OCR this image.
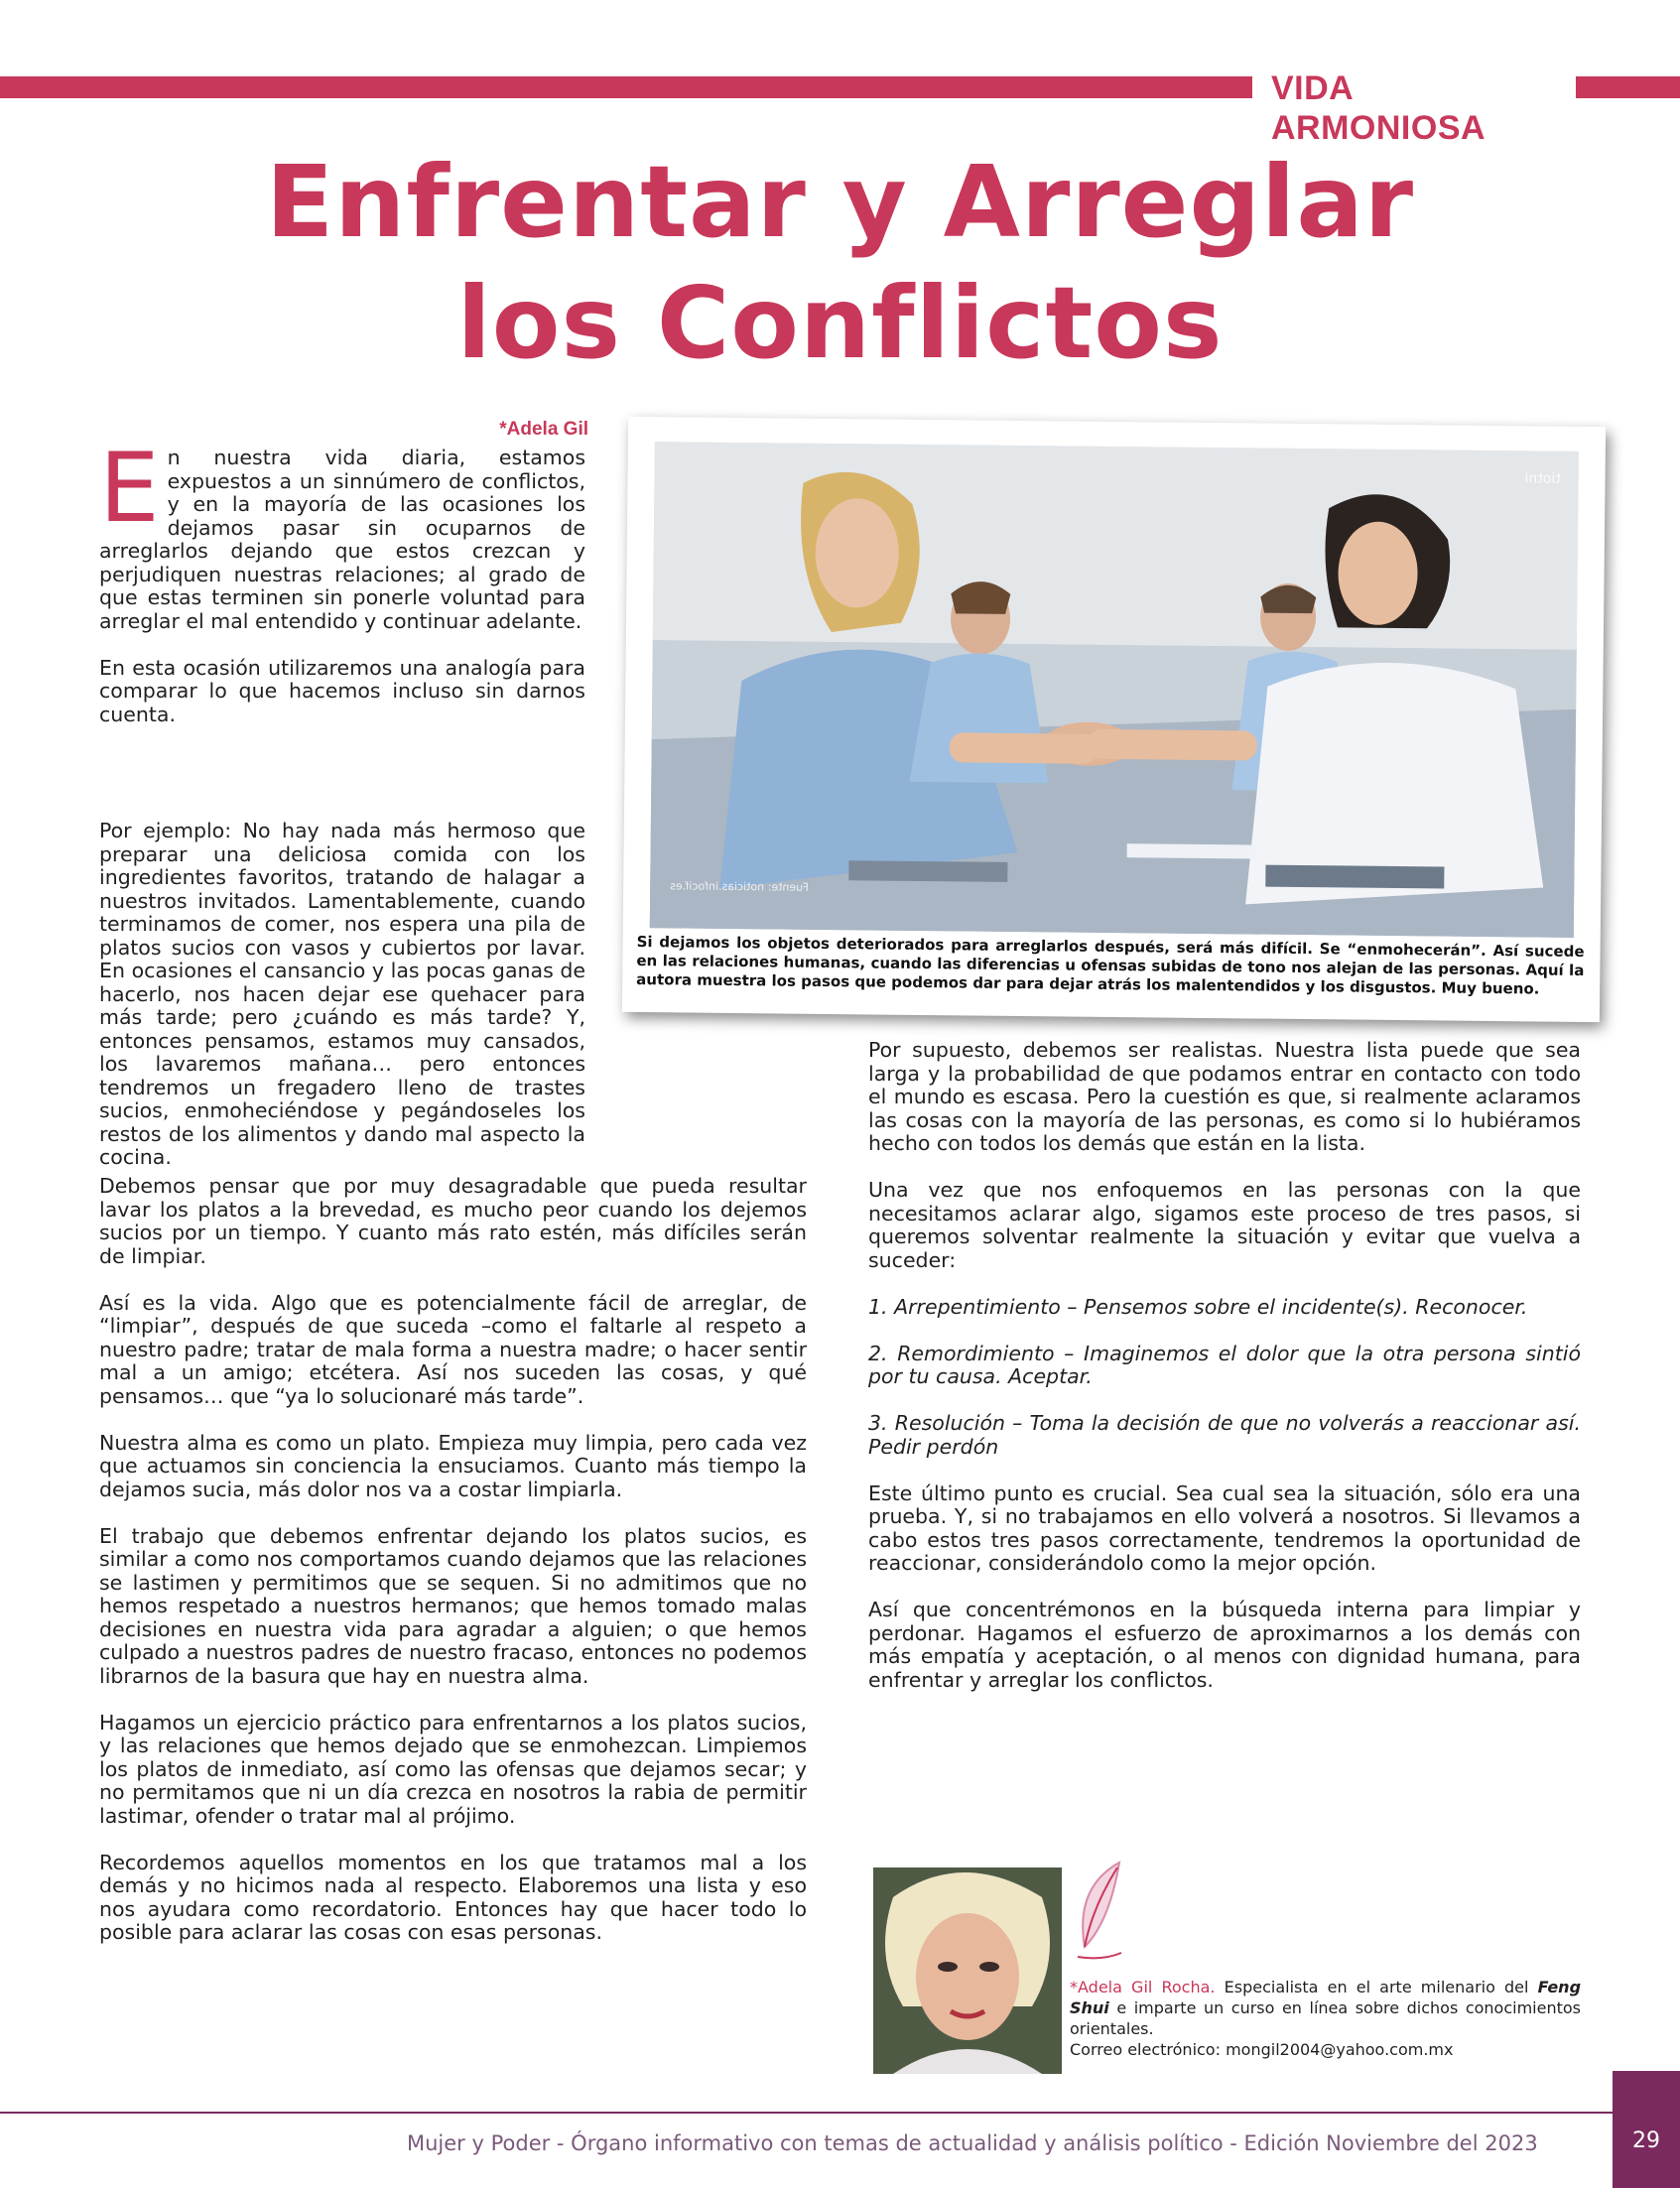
VIDA ARMONIOSA
Enfrentar y Arreglar
los Conflictos
*Adela Gil

En nuestra vida diaria, estamos expuestos a un sinnúmero de conflictos, y en la mayoría de las ocasiones los dejamos pasar sin ocuparnos de arreglarlos dejando que estos crezcan y perjudiquen nuestras relaciones; al grado de que estas terminen sin ponerle voluntad para arreglar el mal entendido y continuar adelante.

En esta ocasión utilizaremos una analogía para comparar lo que hacemos incluso sin darnos cuenta.

Por ejemplo: No hay nada más hermoso que preparar una deliciosa comida con los ingredientes favoritos, tratando de halagar a nuestros invitados. Lamentablemente, cuando terminamos de comer, nos espera una pila de platos sucios con vasos y cubiertos por lavar. En ocasiones el cansancio y las pocas ganas de hacerlo, nos hacen dejar ese quehacer para más tarde; pero ¿cuándo es más tarde? Y, entonces pensamos, estamos muy cansados, los lavaremos mañana… pero entonces tendremos un fregadero lleno de trastes sucios, enmoheciéndose y pegándoseles los restos de los alimentos y dando mal aspecto la cocina.

Debemos pensar que por muy desagradable que pueda resultar lavar los platos a la brevedad, es mucho peor cuando los dejemos sucios por un tiempo. Y cuanto más rato estén, más difíciles serán de limpiar.

Así es la vida. Algo que es potencialmente fácil de arreglar, de “limpiar”, después de que suceda –como el faltarle al respeto a nuestro padre; tratar de mala forma a nuestra madre; o hacer sentir mal a un amigo; etcétera. Así nos suceden las cosas, y qué pensamos… que “ya lo solucionaré más tarde”.

Nuestra alma es como un plato. Empieza muy limpia, pero cada vez que actuamos sin conciencia la ensuciamos. Cuanto más tiempo la dejamos sucia, más dolor nos va a costar limpiarla.

El trabajo que debemos enfrentar dejando los platos sucios, es similar a como nos comportamos cuando dejamos que las relaciones se lastimen y permitimos que se sequen. Si no admitimos que no hemos respetado a nuestros hermanos; que hemos tomado malas decisiones en nuestra vida para agradar a alguien; o que hemos culpado a nuestros padres de nuestro fracaso, entonces no podemos librarnos de la basura que hay en nuestra alma.

Hagamos un ejercicio práctico para enfrentarnos a los platos sucios, y las relaciones que hemos dejado que se enmohezcan. Limpiemos los platos de inmediato, así como las ofensas que dejamos secar; y no permitamos que ni un día crezca en nosotros la rabia de permitir lastimar, ofender o tratar mal al prójimo.

Recordemos aquellos momentos en los que tratamos mal a los demás y no hicimos nada al respecto. Elaboremos una lista y eso nos ayudara como recordatorio. Entonces hay que hacer todo lo posible para aclarar las cosas con esas personas.

tiotni
Fuente: noticias.infocif.es
Si dejamos los objetos deteriorados para arreglarlos después, será más difícil. Se “enmohecerán”. Así sucede en las relaciones humanas, cuando las diferencias u ofensas subidas de tono nos alejan de las personas. Aquí la autora muestra los pasos que podemos dar para dejar atrás los malentendidos y los disgustos. Muy bueno.

Por supuesto, debemos ser realistas. Nuestra lista puede que sea larga y la probabilidad de que podamos entrar en contacto con todo el mundo es escasa. Pero la cuestión es que, si realmente aclaramos las cosas con la mayoría de las personas, es como si lo hubiéramos hecho con todos los demás que están en la lista.

Una vez que nos enfoquemos en las personas con la que necesitamos aclarar algo, sigamos este proceso de tres pasos, si queremos solventar realmente la situación y evitar que vuelva a suceder:

1. Arrepentimiento – Pensemos sobre el incidente(s). Reconocer.

2. Remordimiento – Imaginemos el dolor que la otra persona sintió por tu causa. Aceptar.

3. Resolución – Toma la decisión de que no volverás a reaccionar así. Pedir perdón

Este último punto es crucial. Sea cual sea la situación, sólo era una prueba. Y, si no trabajamos en ello volverá a nosotros. Si llevamos a cabo estos tres pasos correctamente, tendremos la oportunidad de reaccionar, considerándolo como la mejor opción.

Así que concentrémonos en la búsqueda interna para limpiar y perdonar. Hagamos el esfuerzo de aproximarnos a los demás con más empatía y aceptación, o al menos con dignidad humana, para enfrentar y arreglar los conflictos.

*Adela Gil Rocha. Especialista en el arte milenario del Feng Shui e imparte un curso en línea sobre dichos conocimientos orientales.
Correo electrónico: mongil2004@yahoo.com.mx
Mujer y Poder - Órgano informativo con temas de actualidad y análisis político - Edición Noviembre del 2023	29
